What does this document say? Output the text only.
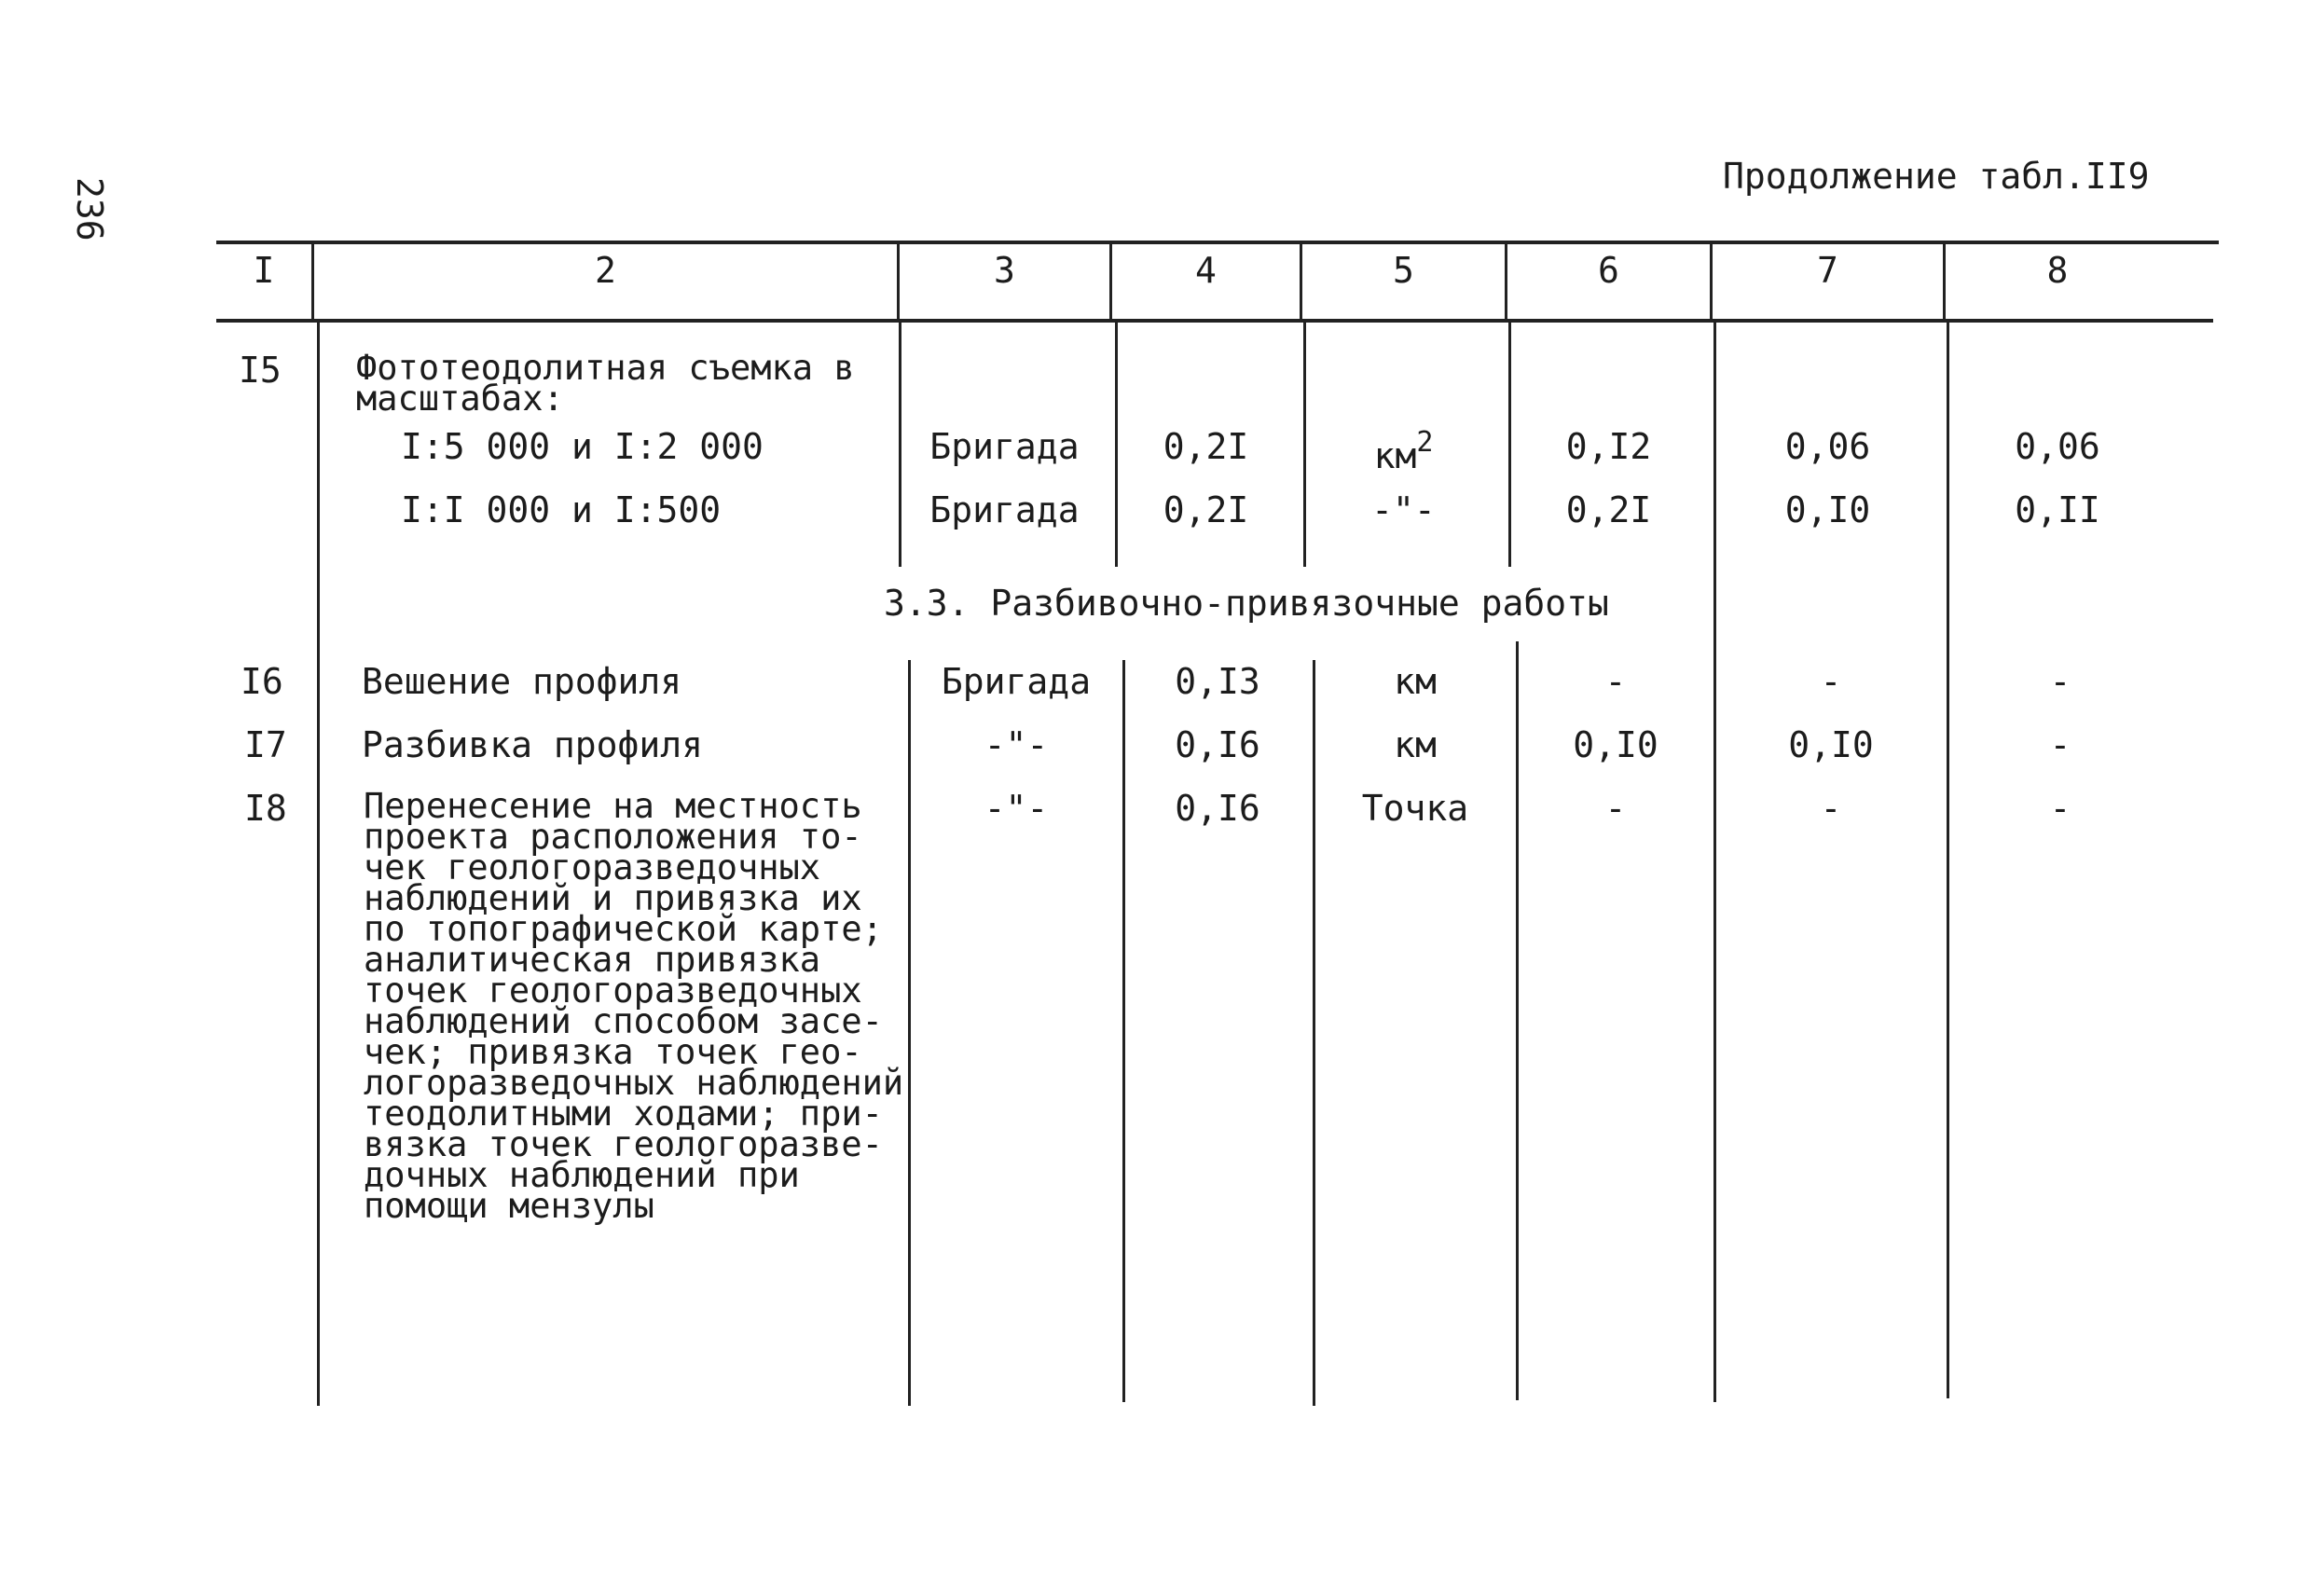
236
Продолжение табл.II9
I	2	3	4	5	6	7	8
I5 Фототеодолитная съемка в
масштабах:
I:5 000 и I:2 000	Бригада	0,2I	$км^2$	0,I2	0,06	0,06
I:I 000 и I:500	Бригада	0,2I	-"-	0,2I	0,I0	0,II
3.3. Разбивочно-привязочные работы
I6 Вешение профиля	Бригада	0,I3	км	-	-	-
I7 Разбивка профиля	-"-	0,I6	км	0,I0	0,I0	-
I8 Перенесение на местность
проекта расположения то-
чек геологоразведочных
наблюдений и привязка их
по топографической карте;
аналитическая привязка
точек геологоразведочных
наблюдений способом засе-
чек; привязка точек гео-
логоразведочных наблюдений
теодолитными ходами; при-
вязка точек геологоразве-
дочных наблюдений при
помощи мензулы
-"-	0,I6	Точка	-	-	-
